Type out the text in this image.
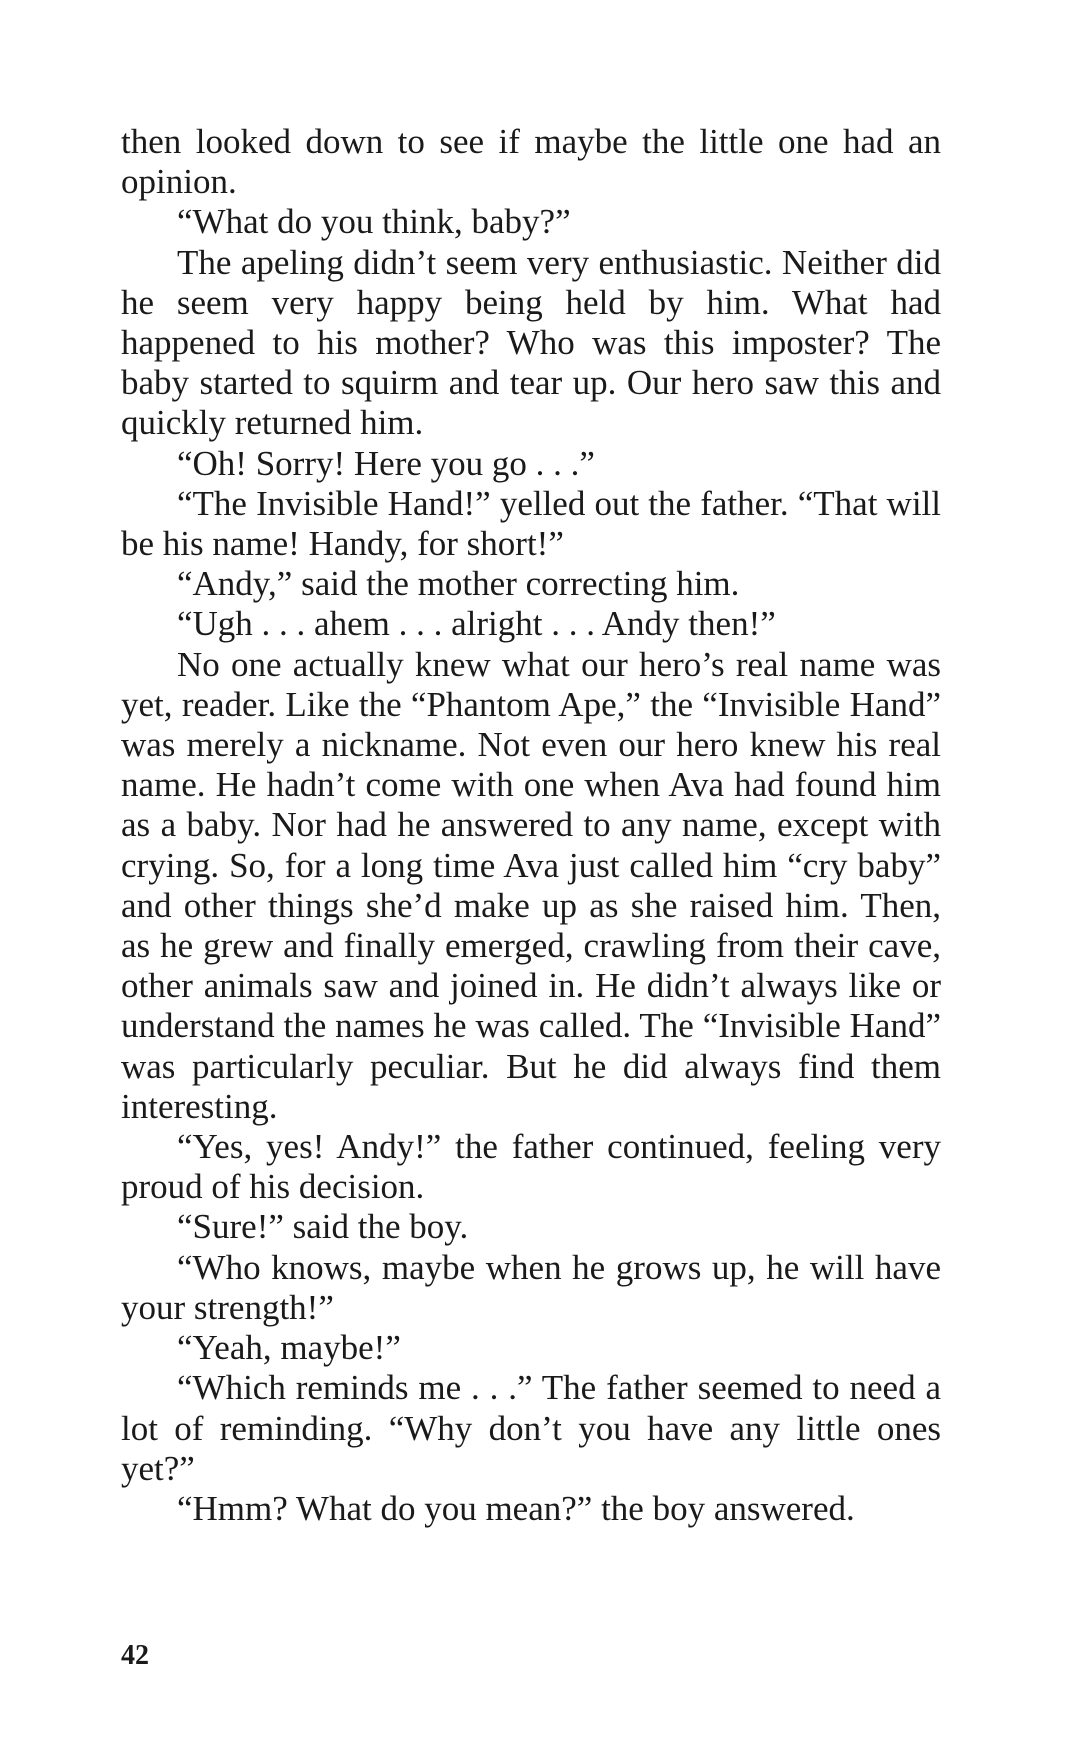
then looked down to see if maybe the little one had an opinion.

“What do you think, baby?”

The apeling didn’t seem very enthusiastic. Neither did he seem very happy being held by him. What had happened to his mother? Who was this imposter? The baby started to squirm and tear up. Our hero saw this and quickly returned him.

“Oh! Sorry! Here you go . . .”

“The Invisible Hand!” yelled out the father. “That will be his name! Handy, for short!”

“Andy,” said the mother correcting him.

“Ugh . . . ahem . . . alright . . . Andy then!”

No one actually knew what our hero’s real name was yet, reader. Like the “Phantom Ape,” the “Invisible Hand” was merely a nickname. Not even our hero knew his real name. He hadn’t come with one when Ava had found him as a baby. Nor had he answered to any name, except with crying. So, for a long time Ava just called him “cry baby” and other things she’d make up as she raised him. Then, as he grew and finally emerged, crawling from their cave, other animals saw and joined in. He didn’t always like or understand the names he was called. The “Invisible Hand” was particularly peculiar. But he did always find them interesting.

“Yes, yes! Andy!” the father continued, feeling very proud of his decision.

“Sure!” said the boy.

“Who knows, maybe when he grows up, he will have your strength!”

“Yeah, maybe!”

“Which reminds me . . .” The father seemed to need a lot of reminding. “Why don’t you have any little ones yet?”

“Hmm? What do you mean?” the boy answered.

42
